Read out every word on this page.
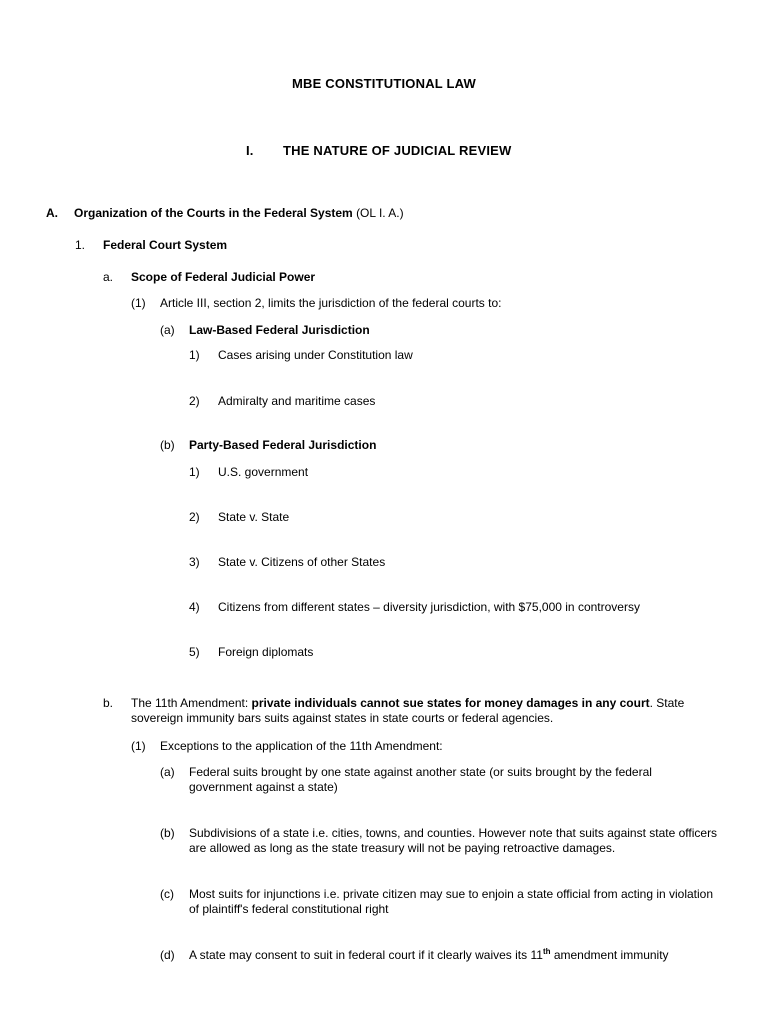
MBE CONSTITUTIONAL LAW
I. THE NATURE OF JUDICIAL REVIEW
A. Organization of the Courts in the Federal System (OL I. A.)
1. Federal Court System
a. Scope of Federal Judicial Power
(1) Article III, section 2, limits the jurisdiction of the federal courts to:
(a) Law-Based Federal Jurisdiction
1) Cases arising under Constitution law
2) Admiralty and maritime cases
(b) Party-Based Federal Jurisdiction
1) U.S. government
2) State v. State
3) State v. Citizens of other States
4) Citizens from different states – diversity jurisdiction, with $75,000 in controversy
5) Foreign diplomats
b. The 11th Amendment: private individuals cannot sue states for money damages in any court. State
sovereign immunity bars suits against states in state courts or federal agencies.
(1) Exceptions to the application of the 11th Amendment:
(a) Federal suits brought by one state against another state (or suits brought by the federal
government against a state)
(b) Subdivisions of a state i.e. cities, towns, and counties. However note that suits against state officers
are allowed as long as the state treasury will not be paying retroactive damages.
(c) Most suits for injunctions i.e. private citizen may sue to enjoin a state official from acting in violation
of plaintiff's federal constitutional right
(d) A state may consent to suit in federal court if it clearly waives its 11th amendment immunity
